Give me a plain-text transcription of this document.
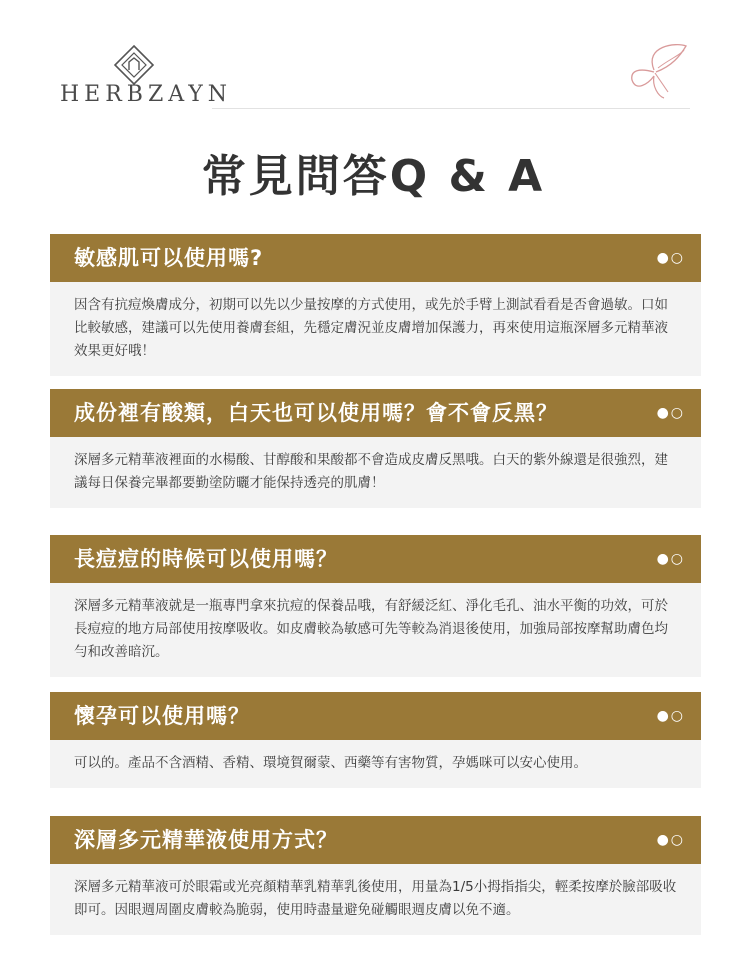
HERBZAYN
常見問答Q & A
敏感肌可以使用嗎?	●○
因含有抗痘煥膚成分，初期可以先以少量按摩的方式使用，或先於手臂上測試看看是否會過敏。口如比較敏感，建議可以先使用養膚套組，先穩定膚況並皮膚增加保護力，再來使用這瓶深層多元精華液效果更好哦！
成份裡有酸類，白天也可以使用嗎？會不會反黑？	●○
深層多元精華液裡面的水楊酸、甘醇酸和果酸都不會造成皮膚反黑哦。白天的紫外線還是很強烈，建議每日保養完畢都要勤塗防曬才能保持透亮的肌膚！
長痘痘的時候可以使用嗎？	●○
深層多元精華液就是一瓶專門拿來抗痘的保養品哦，有舒緩泛紅、淨化毛孔、油水平衡的功效，可於長痘痘的地方局部使用按摩吸收。如皮膚較為敏感可先等較為消退後使用，加強局部按摩幫助膚色均勻和改善暗沉。
懷孕可以使用嗎？	●○
可以的。產品不含酒精、香精、環境賀爾蒙、西藥等有害物質，孕媽咪可以安心使用。
深層多元精華液使用方式？	●○
深層多元精華液可於眼霜或光亮顏精華乳精華乳後使用，用量為1/5小拇指指尖，輕柔按摩於臉部吸收即可。因眼週周圍皮膚較為脆弱，使用時盡量避免碰觸眼週皮膚以免不適。
